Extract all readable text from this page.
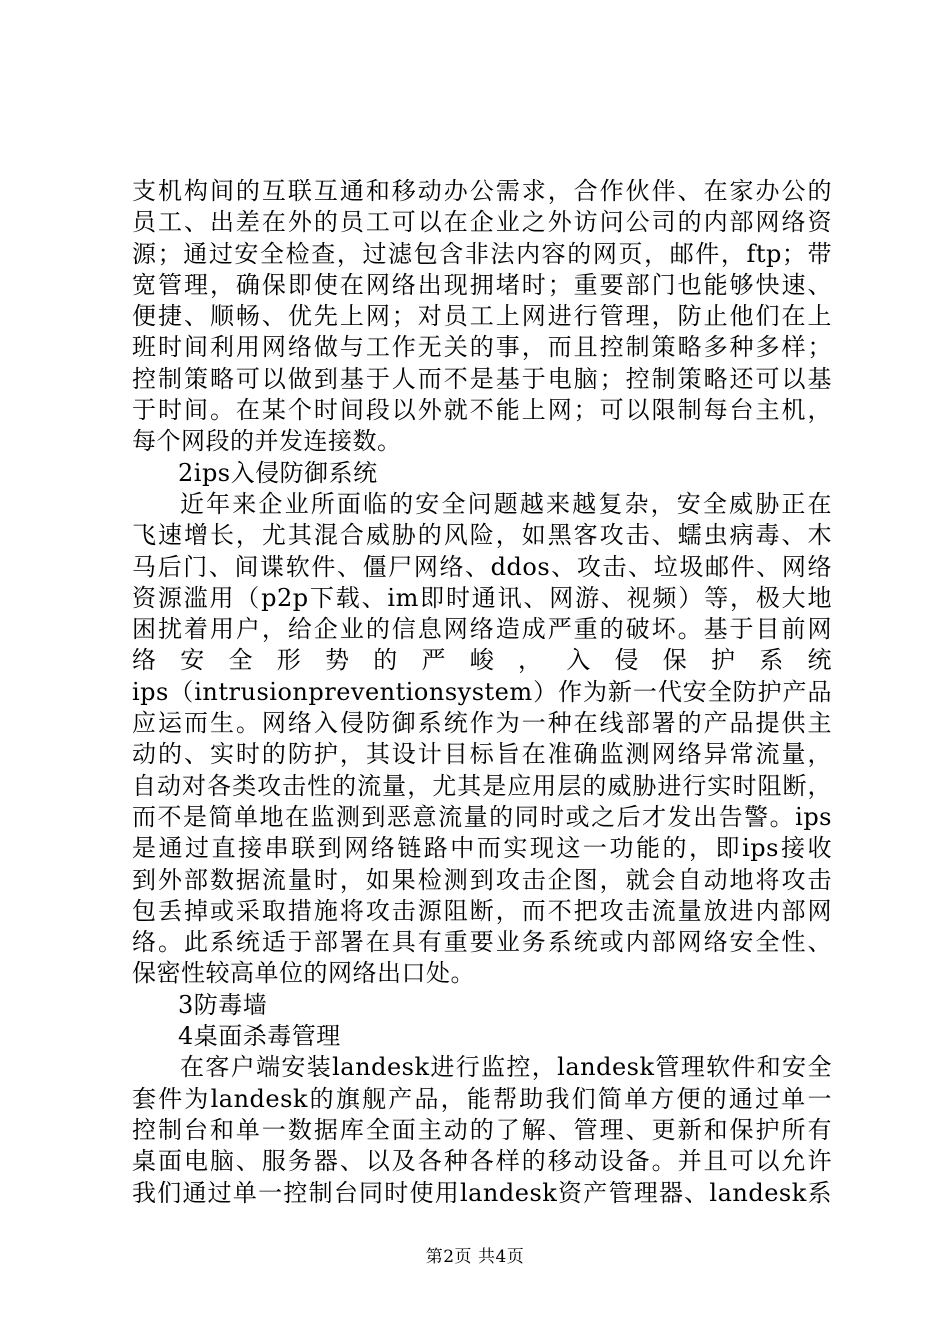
支机构间的互联互通和移动办公需求，合作伙伴、在家办公的
员工、出差在外的员工可以在企业之外访问公司的内部网络资
源；通过安全检查，过滤包含非法内容的网页，邮件，ftp；带
宽管理，确保即使在网络出现拥堵时；重要部门也能够快速、
便捷、顺畅、优先上网；对员工上网进行管理，防止他们在上
班时间利用网络做与工作无关的事，而且控制策略多种多样；
控制策略可以做到基于人而不是基于电脑；控制策略还可以基
于时间。在某个时间段以外就不能上网；可以限制每台主机，
每个网段的并发连接数。
2ips入侵防御系统
近年来企业所面临的安全问题越来越复杂，安全威胁正在
飞速增长，尤其混合威胁的风险，如黑客攻击、蠕虫病毒、木
马后门、间谍软件、僵尸网络、ddos、攻击、垃圾邮件、网络
资源滥用（p2p下载、im即时通讯、网游、视频）等，极大地
困扰着用户，给企业的信息网络造成严重的破坏。基于目前网
络 安 全 形 势 的 严 峻 ， 入 侵 保 护 系 统
ips（intrusionpreventionsystem）作为新一代安全防护产品
应运而生。网络入侵防御系统作为一种在线部署的产品提供主
动的、实时的防护，其设计目标旨在准确监测网络异常流量，
自动对各类攻击性的流量，尤其是应用层的威胁进行实时阻断，
而不是简单地在监测到恶意流量的同时或之后才发出告警。ips
是通过直接串联到网络链路中而实现这一功能的，即ips接收
到外部数据流量时，如果检测到攻击企图，就会自动地将攻击
包丢掉或采取措施将攻击源阻断，而不把攻击流量放进内部网
络。此系统适于部署在具有重要业务系统或内部网络安全性、
保密性较高单位的网络出口处。
3防毒墙
4桌面杀毒管理
在客户端安装landesk进行监控，landesk管理软件和安全
套件为landesk的旗舰产品，能帮助我们简单方便的通过单一
控制台和单一数据库全面主动的了解、管理、更新和保护所有
桌面电脑、服务器、以及各种各样的移动设备。并且可以允许
我们通过单一控制台同时使用landesk资产管理器、landesk系
第2页 共4页
